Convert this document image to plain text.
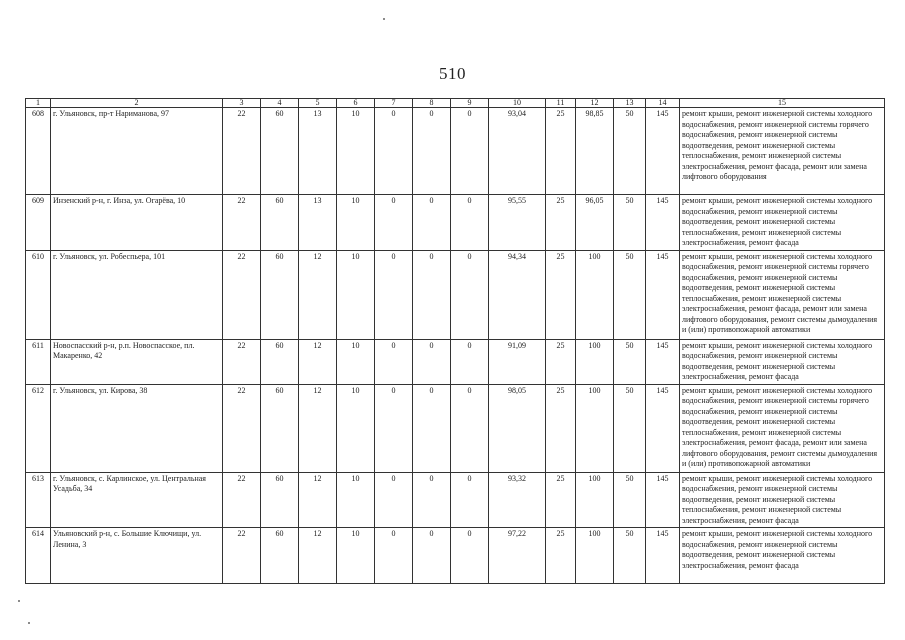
510
1	2	3	4	5	6	7	8	9	10	11	12	13	14	15
608	г. Ульяновск, пр-т Нариманова, 97	22	60	13	10	0	0	0	93,04	25	98,85	50	145	ремонт крыши, ремонт инженерной системы холодного водоснабжения, ремонт инженерной системы горячего водоснабжения, ремонт инженерной системы водоотведения, ремонт инженерной системы теплоснабжения, ремонт инженерной системы электроснабжения, ремонт фасада, ремонт или замена лифтового оборудования
609	Инзенский р-н, г. Инза, ул. Огарёва, 10	22	60	13	10	0	0	0	95,55	25	96,05	50	145	ремонт крыши, ремонт инженерной системы холодного водоснабжения, ремонт инженерной системы водоотведения, ремонт инженерной системы теплоснабжения, ремонт инженерной системы электроснабжения, ремонт фасада
610	г. Ульяновск, ул. Робеспьера, 101	22	60	12	10	0	0	0	94,34	25	100	50	145	ремонт крыши, ремонт инженерной системы холодного водоснабжения, ремонт инженерной системы горячего водоснабжения, ремонт инженерной системы водоотведения, ремонт инженерной системы теплоснабжения, ремонт инженерной системы электроснабжения, ремонт фасада, ремонт или замена лифтового оборудования, ремонт системы дымоудаления и (или) противопожарной автоматики
611	Новоспасский р-н, р.п. Новоспасское, пл. Макаренко, 42	22	60	12	10	0	0	0	91,09	25	100	50	145	ремонт крыши, ремонт инженерной системы холодного водоснабжения, ремонт инженерной системы водоотведения, ремонт инженерной системы электроснабжения, ремонт фасада
612	г. Ульяновск, ул. Кирова, 38	22	60	12	10	0	0	0	98,05	25	100	50	145	ремонт крыши, ремонт инженерной системы холодного водоснабжения, ремонт инженерной системы горячего водоснабжения, ремонт инженерной системы водоотведения, ремонт инженерной системы теплоснабжения, ремонт инженерной системы электроснабжения, ремонт фасада, ремонт или замена лифтового оборудования, ремонт системы дымоудаления и (или) противопожарной автоматики
613	г. Ульяновск, с. Карлинское, ул. Центральная Усадьба, 34	22	60	12	10	0	0	0	93,32	25	100	50	145	ремонт крыши, ремонт инженерной системы холодного водоснабжения, ремонт инженерной системы водоотведения, ремонт инженерной системы теплоснабжения, ремонт инженерной системы электроснабжения, ремонт фасада
614	Ульяновский р-н, с. Большие Ключищи, ул. Ленина, 3	22	60	12	10	0	0	0	97,22	25	100	50	145	ремонт крыши, ремонт инженерной системы холодного водоснабжения, ремонт инженерной системы водоотведения, ремонт инженерной системы электроснабжения, ремонт фасада
